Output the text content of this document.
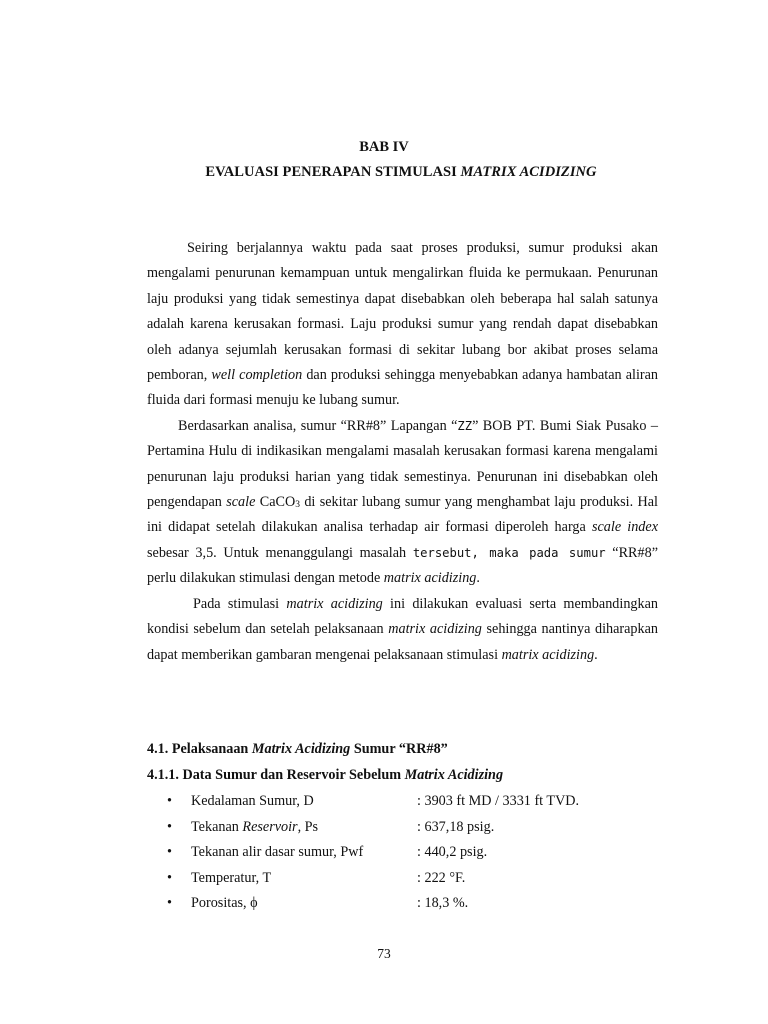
BAB IV
EVALUASI PENERAPAN STIMULASI MATRIX ACIDIZING

Seiring berjalannya waktu pada saat proses produksi, sumur produksi akan mengalami penurunan kemampuan untuk mengalirkan fluida ke permukaan. Penurunan laju produksi yang tidak semestinya dapat disebabkan oleh beberapa hal salah satunya adalah karena kerusakan formasi. Laju produksi sumur yang rendah dapat disebabkan oleh adanya sejumlah kerusakan formasi di sekitar lubang bor akibat proses selama pemboran, well completion dan produksi sehingga menyebabkan adanya hambatan aliran fluida dari formasi menuju ke lubang sumur.

Berdasarkan analisa, sumur “RR#8” Lapangan “ZZ” BOB PT. Bumi Siak Pusako – Pertamina Hulu di indikasikan mengalami masalah kerusakan formasi karena mengalami penurunan laju produksi harian yang tidak semestinya. Penurunan ini disebabkan oleh pengendapan scale CaCO$_3$ di sekitar lubang sumur yang menghambat laju produksi. Hal ini didapat setelah dilakukan analisa terhadap air formasi diperoleh harga scale index sebesar 3,5. Untuk menanggulangi masalah tersebut, maka pada sumur “RR#8” perlu dilakukan stimulasi dengan metode matrix acidizing.

Pada stimulasi matrix acidizing ini dilakukan evaluasi serta membandingkan kondisi sebelum dan setelah pelaksanaan matrix acidizing sehingga nantinya diharapkan dapat memberikan gambaran mengenai pelaksanaan stimulasi matrix acidizing.

4.1. Pelaksanaan Matrix Acidizing Sumur “RR#8”
4.1.1. Data Sumur dan Reservoir Sebelum Matrix Acidizing
• Kedalaman Sumur, D	: 3903 ft MD / 3331 ft TVD.
• Tekanan Reservoir, Ps	: 637,18 psig.
• Tekanan alir dasar sumur, Pwf	: 440,2 psig.
• Temperatur, T	: 222 °F.
• Porositas, ϕ	: 18,3 %.
73
